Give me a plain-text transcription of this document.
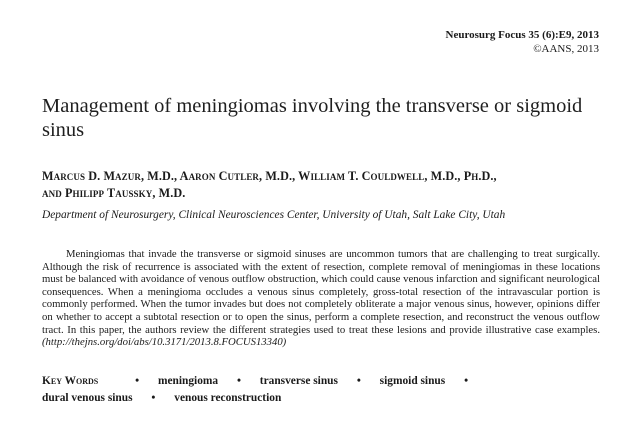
Neurosurg Focus 35 (6):E9, 2013
©AANS, 2013
Management of meningiomas involving the transverse or sigmoid sinus
Marcus D. Mazur, M.D., Aaron Cutler, M.D., William T. Couldwell, M.D., Ph.D.,
and Philipp Taussky, M.D.
Department of Neurosurgery, Clinical Neurosciences Center, University of Utah, Salt Lake City, Utah

Meningiomas that invade the transverse or sigmoid sinuses are uncommon tumors that are challenging to treat surgically. Although the risk of recurrence is associated with the extent of resection, complete removal of meningiomas in these locations must be balanced with avoidance of venous outflow obstruction, which could cause venous infarction and significant neurological consequences. When a meningioma occludes a venous sinus completely, gross-total resection of the intravascular portion is commonly performed. When the tumor invades but does not completely obliterate a major venous sinus, however, opinions differ on whether to accept a subtotal resection or to open the sinus, perform a complete resection, and reconstruct the venous outflow tract. In this paper, the authors review the different strategies used to treat these lesions and provide illustrative case examples. (http://thejns.org/doi/abs/10.3171/2013.8.FOCUS13340)

Key Words	• meningioma • transverse sinus • sigmoid sinus •
dural venous sinus • venous reconstruction
